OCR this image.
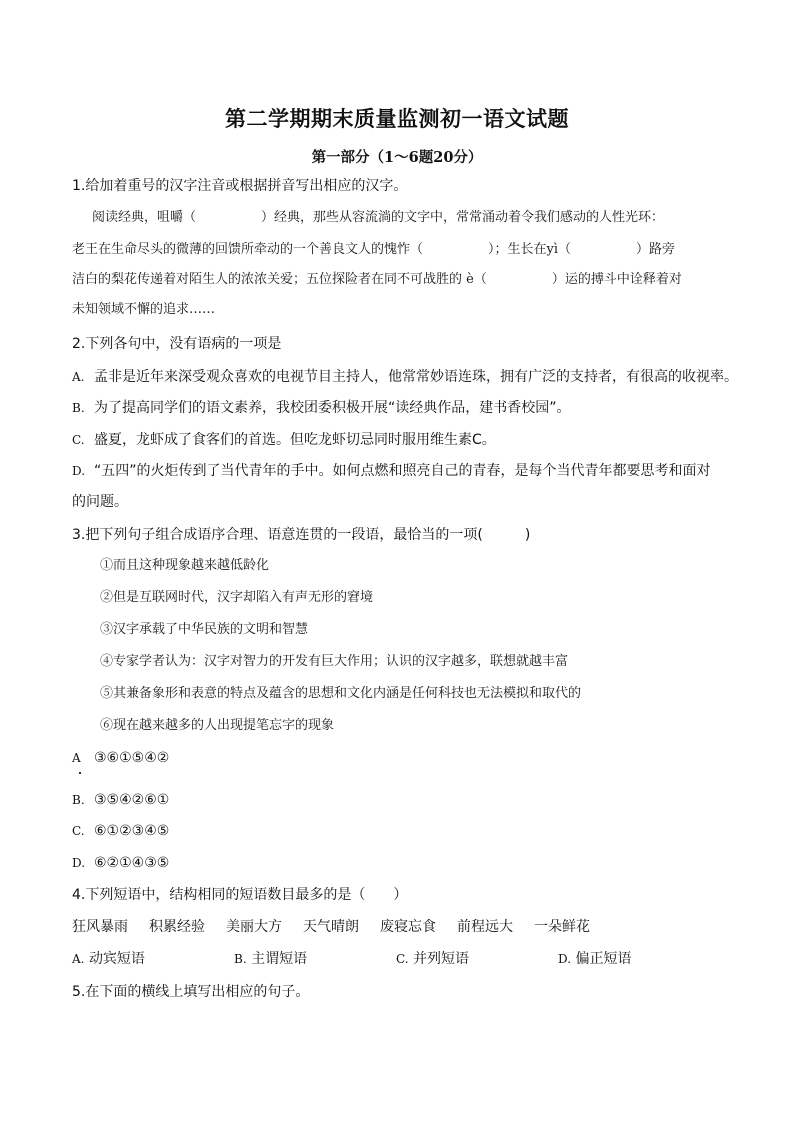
第二学期期末质量监测初一语文试题
第一部分（1～6题20分）
1.给加着重号的汉字注音或根据拼音写出相应的汉字。
阅读经典，咀嚼（　　　　　）经典，那些从容流淌的文字中，常常涌动着令我们感动的人性光环：
老王在生命尽头的微薄的回馈所牵动的一个善良文人的愧怍（　　　　　）；生长在yì（　　　　　）路旁
洁白的梨花传递着对陌生人的浓浓关爱；五位探险者在同不可战胜的 è（　　　　　）运的搏斗中诠释着对
未知领域不懈的追求……
2.下列各句中，没有语病的一项是
A. 孟非是近年来深受观众喜欢的电视节目主持人，他常常妙语连珠，拥有广泛的支持者，有很高的收视率。
B. 为了提高同学们的语文素养，我校团委积极开展“读经典作品，建书香校园”。
C. 盛夏，龙虾成了食客们的首选。但吃龙虾切忌同时服用维生素C。
D. “五四”的火炬传到了当代青年的手中。如何点燃和照亮自己的青春，是每个当代青年都要思考和面对
的问题。
3.把下列句子组合成语序合理、语意连贯的一段语，最恰当的一项(　　　)
①而且这种现象越来越低龄化
②但是互联网时代，汉字却陷入有声无形的窘境
③汉字承载了中华民族的文明和智慧
④专家学者认为：汉字对智力的开发有巨大作用；认识的汉字越多，联想就越丰富
⑤其兼备象形和表意的特点及蕴含的思想和文化内涵是任何科技也无法模拟和取代的
⑥现在越来越多的人出现提笔忘字的现象
A ③⑥①⑤④②
B. ③⑤④②⑥①
C. ⑥①②③④⑤
D. ⑥②①④③⑤
4.下列短语中，结构相同的短语数目最多的是（　　）
狂风暴雨 积累经验 美丽大方 天气晴朗 废寝忘食 前程远大 一朵鲜花
A. 动宾短语	B. 主谓短语	C. 并列短语	D. 偏正短语
5.在下面的横线上填写出相应的句子。
